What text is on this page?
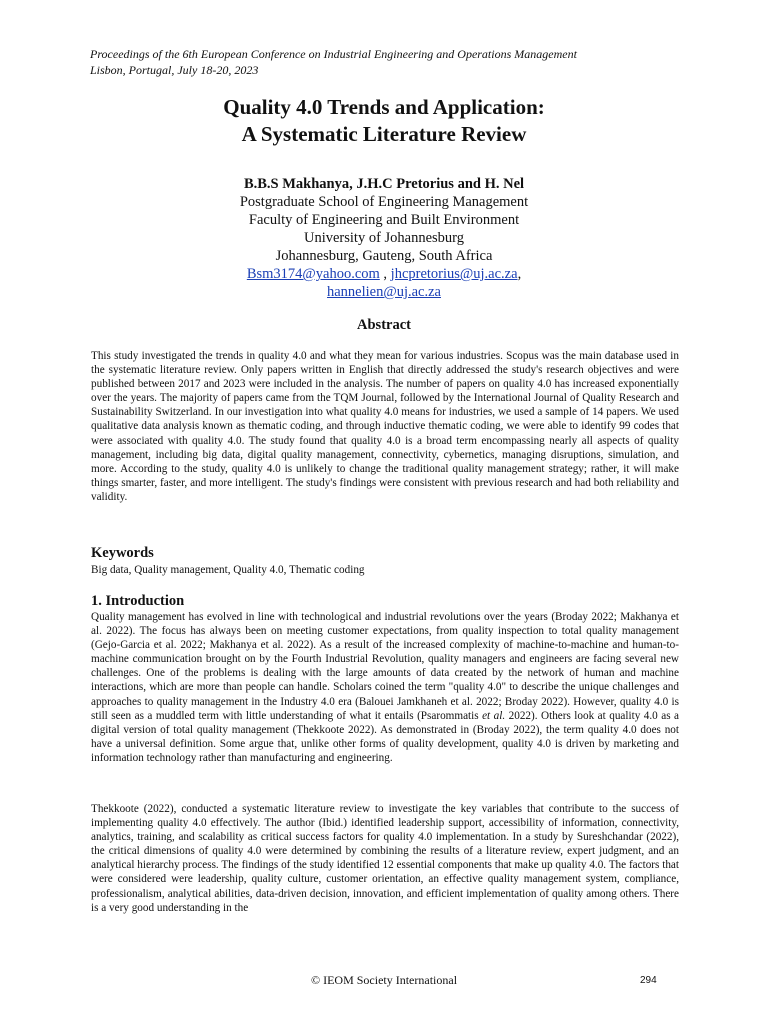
Proceedings of the 6th European Conference on Industrial Engineering and Operations Management
Lisbon, Portugal, July 18-20, 2023
Quality 4.0 Trends and Application:
A Systematic Literature Review
B.B.S Makhanya, J.H.C Pretorius and H. Nel
Postgraduate School of Engineering Management
Faculty of Engineering and Built Environment
University of Johannesburg
Johannesburg, Gauteng, South Africa
Bsm3174@yahoo.com , jhcpretorius@uj.ac.za,
hannelien@uj.ac.za
Abstract

This study investigated the trends in quality 4.0 and what they mean for various industries. Scopus was the main database used in the systematic literature review. Only papers written in English that directly addressed the study's research objectives and were published between 2017 and 2023 were included in the analysis. The number of papers on quality 4.0 has increased exponentially over the years. The majority of papers came from the TQM Journal, followed by the International Journal of Quality Research and Sustainability Switzerland. In our investigation into what quality 4.0 means for industries, we used a sample of 14 papers. We used qualitative data analysis known as thematic coding, and through inductive thematic coding, we were able to identify 99 codes that were associated with quality 4.0. The study found that quality 4.0 is a broad term encompassing nearly all aspects of quality management, including big data, digital quality management, connectivity, cybernetics, managing disruptions, simulation, and more. According to the study, quality 4.0 is unlikely to change the traditional quality management strategy; rather, it will make things smarter, faster, and more intelligent. The study's findings were consistent with previous research and had both reliability and validity.

Keywords
Big data, Quality management, Quality 4.0, Thematic coding
1. Introduction

Quality management has evolved in line with technological and industrial revolutions over the years (Broday 2022; Makhanya et al. 2022). The focus has always been on meeting customer expectations, from quality inspection to total quality management (Gejo-Garcia et al. 2022; Makhanya et al. 2022). As a result of the increased complexity of machine-to-machine and human-to-machine communication brought on by the Fourth Industrial Revolution, quality managers and engineers are facing several new challenges. One of the problems is dealing with the large amounts of data created by the network of human and machine interactions, which are more than people can handle. Scholars coined the term "quality 4.0" to describe the unique challenges and approaches to quality management in the Industry 4.0 era (Balouei Jamkhaneh et al. 2022; Broday 2022). However, quality 4.0 is still seen as a muddled term with little understanding of what it entails (Psarommatis et al. 2022). Others look at quality 4.0 as a digital version of total quality management (Thekkoote 2022). As demonstrated in (Broday 2022), the term quality 4.0 does not have a universal definition. Some argue that, unlike other forms of quality development, quality 4.0 is driven by marketing and information technology rather than manufacturing and engineering.

Thekkoote (2022), conducted a systematic literature review to investigate the key variables that contribute to the success of implementing quality 4.0 effectively. The author (Ibid.) identified leadership support, accessibility of information, connectivity, analytics, training, and scalability as critical success factors for quality 4.0 implementation. In a study by Sureshchandar (2022), the critical dimensions of quality 4.0 were determined by combining the results of a literature review, expert judgment, and an analytical hierarchy process. The findings of the study identified 12 essential components that make up quality 4.0. The factors that were considered were leadership, quality culture, customer orientation, an effective quality management system, compliance, professionalism, analytical abilities, data-driven decision, innovation, and efficient implementation of quality among others. There is a very good understanding in the

© IEOM Society International	294
